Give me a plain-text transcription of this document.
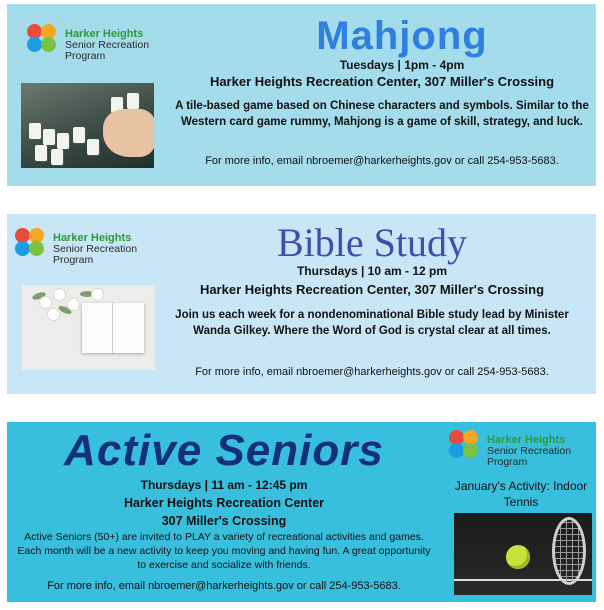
Harker Heights
Senior Recreation
Program	Mahjong
Tuesdays | 1pm - 4pm
Harker Heights Recreation Center, 307 Miller's Crossing
A tile-based game based on Chinese characters and symbols. Similar to the Western card game rummy, Mahjong is a game of skill, strategy, and luck.
For more info, email nbroemer@harkerheights.gov or call 254-953-5683.
Harker Heights
Senior Recreation
Program	Bible Study
Thursdays | 10 am - 12 pm
Harker Heights Recreation Center, 307 Miller's Crossing
Join us each week for a nondenominational Bible study lead by Minister Wanda Gilkey. Where the Word of God is crystal clear at all times.
For more info, email nbroemer@harkerheights.gov or call 254-953-5683.
Active Seniors
Thursdays | 11 am - 12:45 pm
Harker Heights Recreation Center
307 Miller's Crossing
Active Seniors (50+) are invited to PLAY a variety of recreational activities and games. Each month will be a new activity to keep you moving and having fun. A great opportunity to exercise and socialize with friends.
For more info, email nbroemer@harkerheights.gov or call 254-953-5683.
Harker Heights
Senior Recreation
Program
January's Activity: Indoor Tennis
